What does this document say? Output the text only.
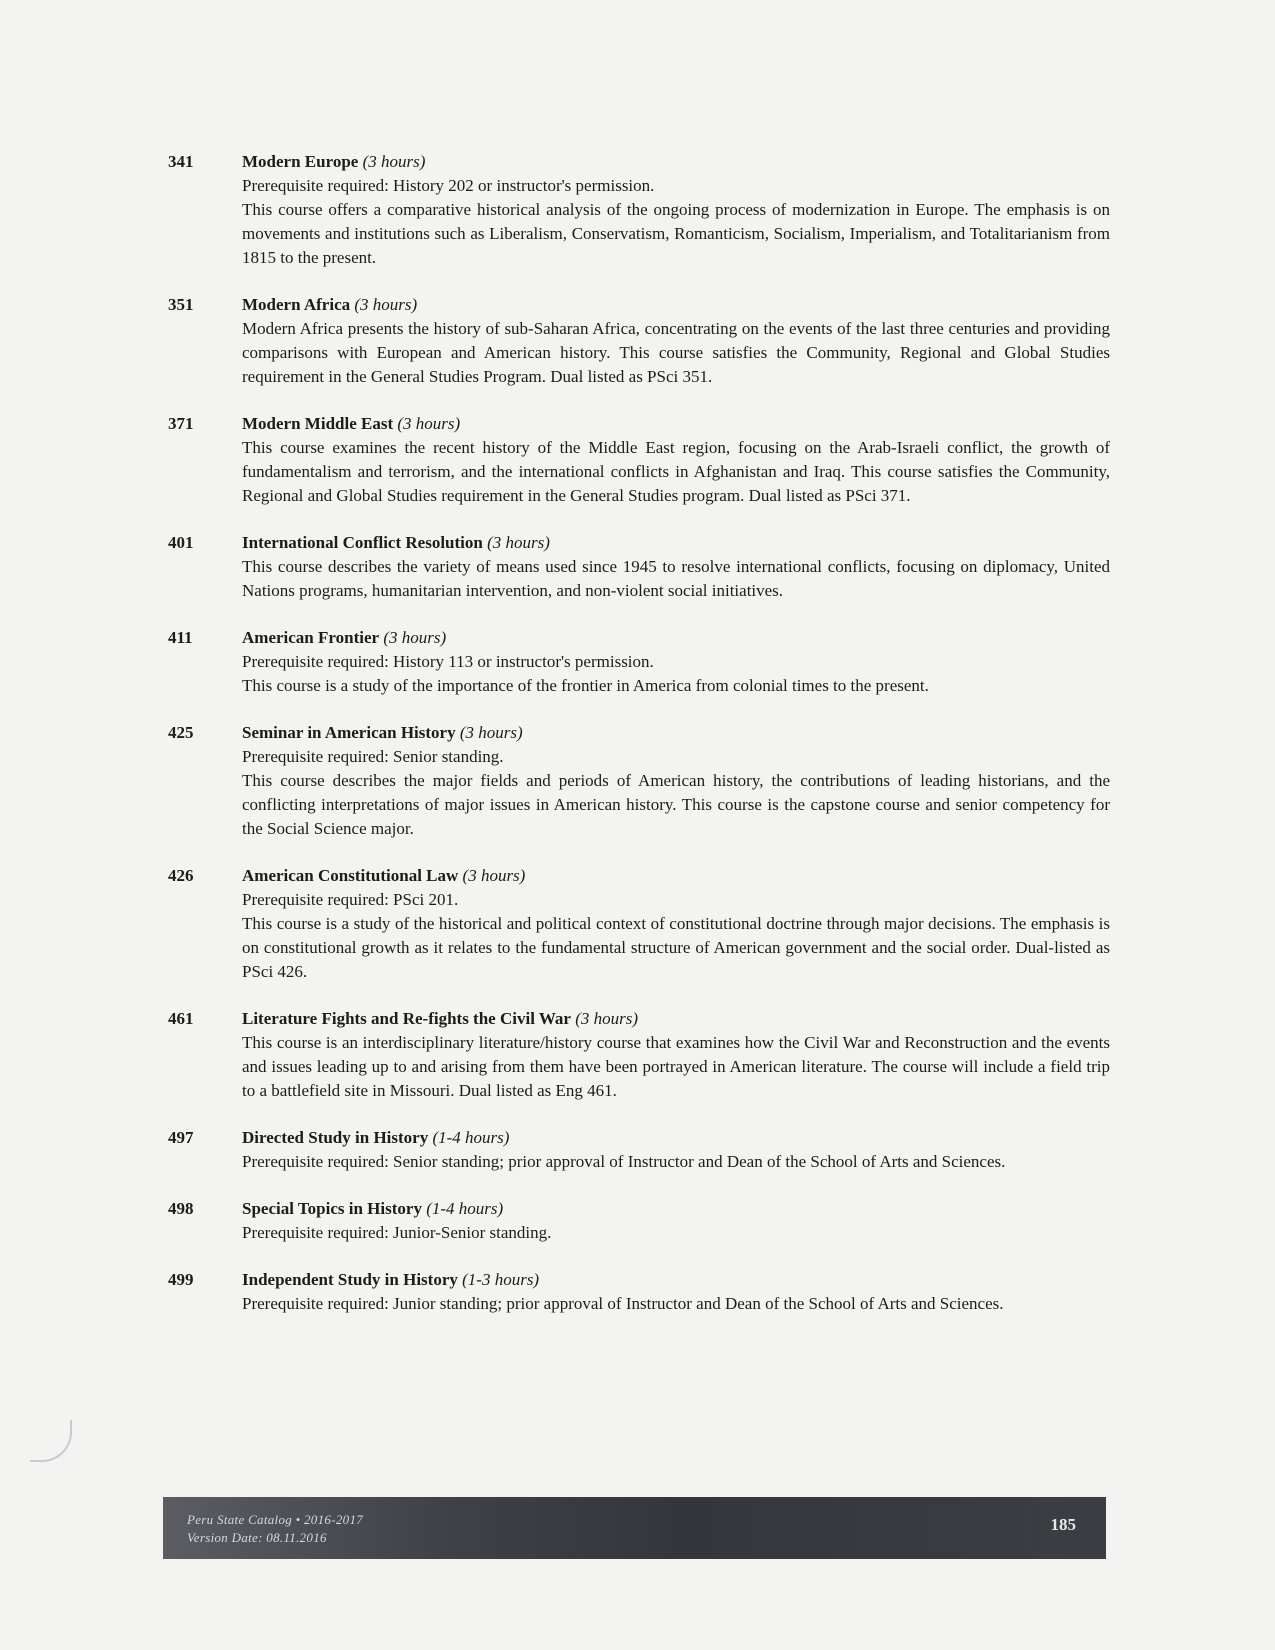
341	Modern Europe (3 hours)
Prerequisite required: History 202 or instructor's permission.
This course offers a comparative historical analysis of the ongoing process of modernization in Europe. The emphasis is on movements and institutions such as Liberalism, Conservatism, Romanticism, Socialism, Imperialism, and Totalitarianism from 1815 to the present.
351	Modern Africa (3 hours)
Modern Africa presents the history of sub-Saharan Africa, concentrating on the events of the last three centuries and providing comparisons with European and American history. This course satisfies the Community, Regional and Global Studies requirement in the General Studies Program. Dual listed as PSci 351.
371	Modern Middle East (3 hours)
This course examines the recent history of the Middle East region, focusing on the Arab-Israeli conflict, the growth of fundamentalism and terrorism, and the international conflicts in Afghanistan and Iraq. This course satisfies the Community, Regional and Global Studies requirement in the General Studies program. Dual listed as PSci 371.
401	International Conflict Resolution (3 hours)
This course describes the variety of means used since 1945 to resolve international conflicts, focusing on diplomacy, United Nations programs, humanitarian intervention, and non-violent social initiatives.
411	American Frontier (3 hours)
Prerequisite required: History 113 or instructor's permission.
This course is a study of the importance of the frontier in America from colonial times to the present.
425	Seminar in American History (3 hours)
Prerequisite required: Senior standing.
This course describes the major fields and periods of American history, the contributions of leading historians, and the conflicting interpretations of major issues in American history. This course is the capstone course and senior competency for the Social Science major.
426	American Constitutional Law (3 hours)
Prerequisite required: PSci 201.
This course is a study of the historical and political context of constitutional doctrine through major decisions. The emphasis is on constitutional growth as it relates to the fundamental structure of American government and the social order. Dual-listed as PSci 426.
461	Literature Fights and Re-fights the Civil War (3 hours)
This course is an interdisciplinary literature/history course that examines how the Civil War and Reconstruction and the events and issues leading up to and arising from them have been portrayed in American literature. The course will include a field trip to a battlefield site in Missouri. Dual listed as Eng 461.
497	Directed Study in History (1-4 hours)
Prerequisite required: Senior standing; prior approval of Instructor and Dean of the School of Arts and Sciences.
498	Special Topics in History (1-4 hours)
Prerequisite required: Junior-Senior standing.
499	Independent Study in History (1-3 hours)
Prerequisite required: Junior standing; prior approval of Instructor and Dean of the School of Arts and Sciences.
Peru State Catalog • 2016-2017
Version Date: 08.11.2016
185
